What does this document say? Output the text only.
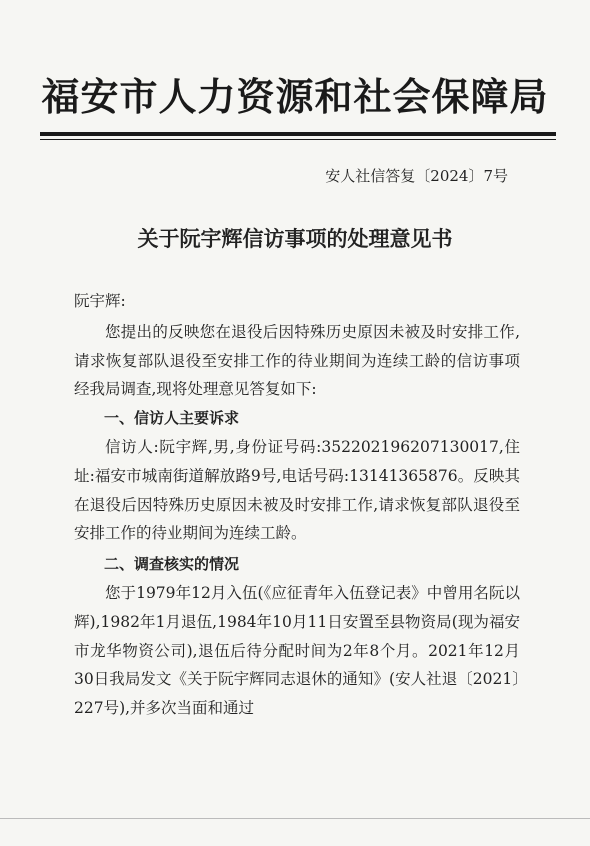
福安市人力资源和社会保障局
安人社信答复〔2024〕7号
关于阮宇辉信访事项的处理意见书

阮宇辉:

您提出的反映您在退役后因特殊历史原因未被及时安排工作,请求恢复部队退役至安排工作的待业期间为连续工龄的信访事项经我局调查,现将处理意见答复如下:

一、信访人主要诉求

信访人:阮宇辉,男,身份证号码:352202196207130017,住址:福安市城南街道解放路9号,电话号码:13141365876。反映其在退役后因特殊历史原因未被及时安排工作,请求恢复部队退役至安排工作的待业期间为连续工龄。

二、调查核实的情况

您于1979年12月入伍(《应征青年入伍登记表》中曾用名阮以辉),1982年1月退伍,1984年10月11日安置至县物资局(现为福安市龙华物资公司),退伍后待分配时间为2年8个月。2021年12月30日我局发文《关于阮宇辉同志退休的通知》(安人社退〔2021〕227号),并多次当面和通过
